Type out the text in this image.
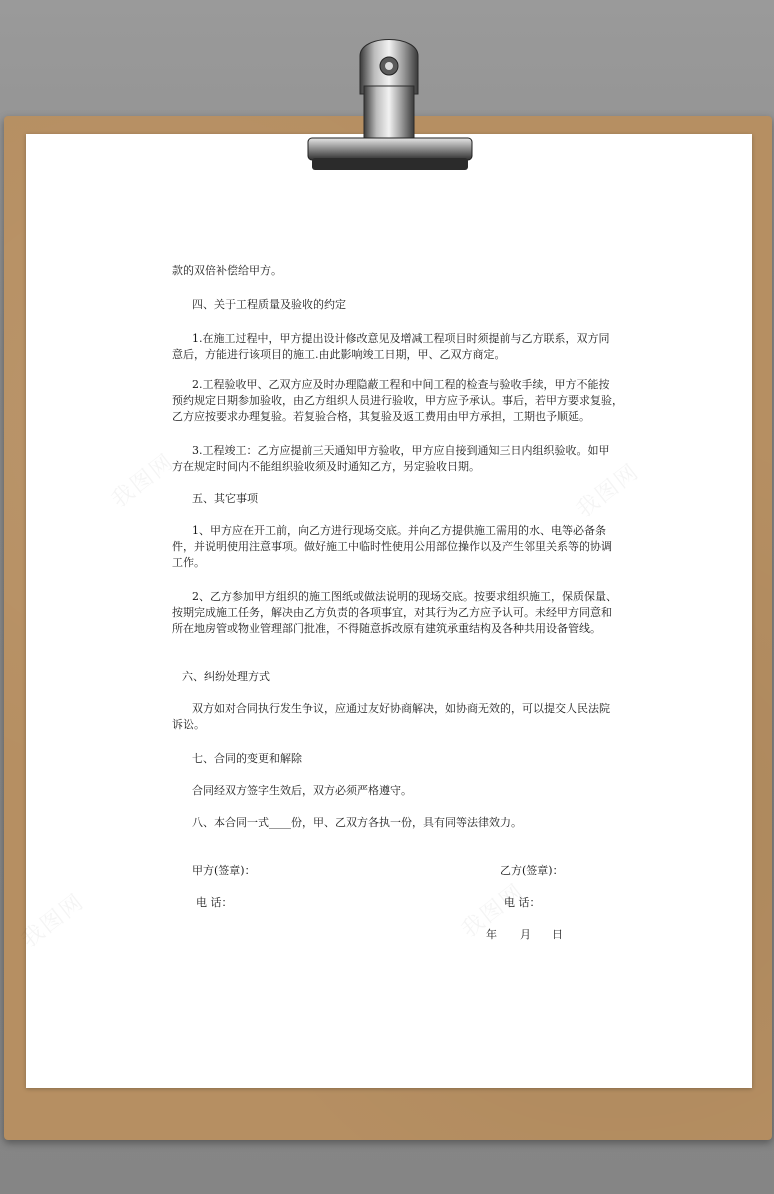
款的双倍补偿给甲方。
四、关于工程质量及验收的约定
1.在施工过程中，甲方提出设计修改意见及增减工程项目时须提前与乙方联系，双方同
意后，方能进行该项目的施工.由此影响竣工日期，甲、乙双方商定。
2.工程验收甲、乙双方应及时办理隐蔽工程和中间工程的检查与验收手续，甲方不能按
预约规定日期参加验收，由乙方组织人员进行验收，甲方应予承认。事后，若甲方要求复验，
乙方应按要求办理复验。若复验合格，其复验及返工费用由甲方承担，工期也予顺延。
3.工程竣工：乙方应提前三天通知甲方验收，甲方应自接到通知三日内组织验收。如甲
方在规定时间内不能组织验收须及时通知乙方，另定验收日期。
五、其它事项
1、甲方应在开工前，向乙方进行现场交底。并向乙方提供施工需用的水、电等必备条
件，并说明使用注意事项。做好施工中临时性使用公用部位操作以及产生邻里关系等的协调
工作。
2、乙方参加甲方组织的施工图纸或做法说明的现场交底。按要求组织施工，保质保量、
按期完成施工任务，解决由乙方负责的各项事宜，对其行为乙方应予认可。未经甲方同意和
所在地房管或物业管理部门批准，不得随意拆改原有建筑承重结构及各种共用设备管线。
六、纠纷处理方式
双方如对合同执行发生争议，应通过友好协商解决，如协商无效的，可以提交人民法院
诉讼。
七、合同的变更和解除
合同经双方签字生效后，双方必须严格遵守。
八、本合同一式____份，甲、乙双方各执一份，具有同等法律效力。
甲方(签章)：	乙方(签章)：
电 话：	电 话：
年 月 日
